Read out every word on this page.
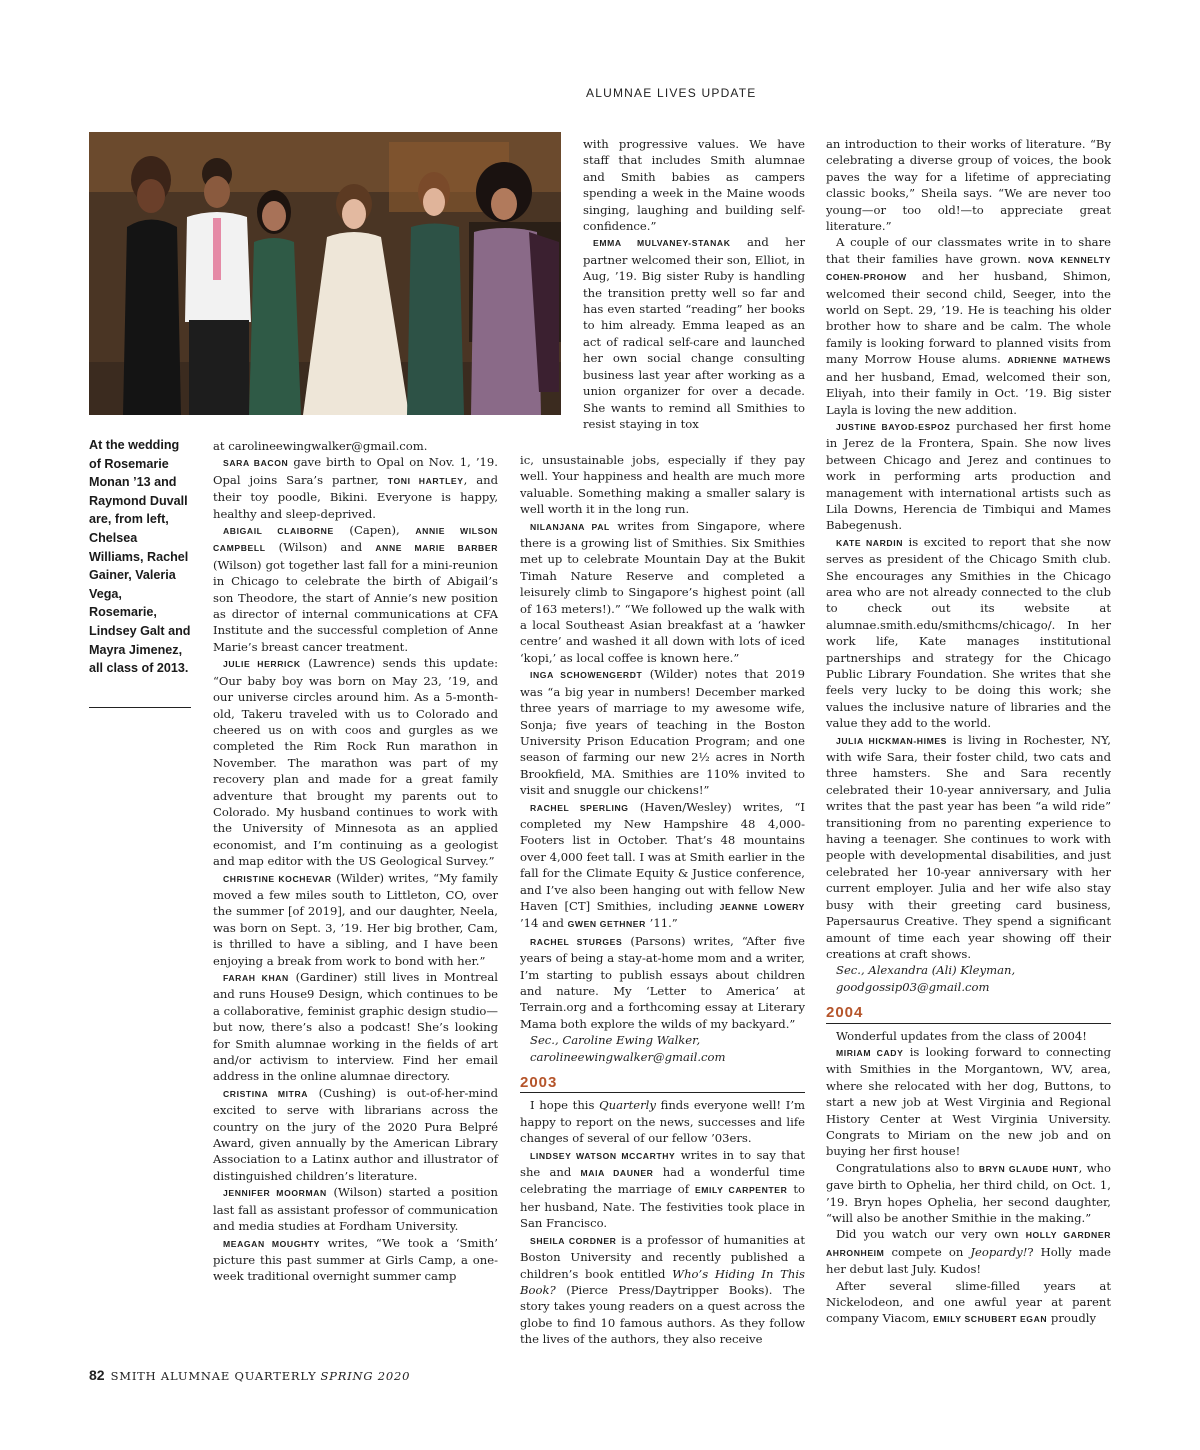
ALUMNAE LIVES UPDATE
At the wedding of Rosemarie Monan ’13 and Raymond Duvall are, from left, Chelsea Williams, Rachel Gainer, Valeria Vega, Rosemarie, Lindsey Galt and Mayra Jimenez, all class of 2013.

at carolineewingwalker@gmail.com.

SARA BACON gave birth to Opal on Nov. 1, ’19. Opal joins Sara’s partner, TONI HARTLEY, and their toy poodle, Bikini. Everyone is happy, healthy and sleep-deprived.

ABIGAIL CLAIBORNE (Capen), ANNIE WILSON CAMPBELL (Wilson) and ANNE MARIE BARBER (Wilson) got together last fall for a mini-reunion in Chicago to celebrate the birth of Abigail’s son Theodore, the start of Annie’s new position as director of internal communications at CFA Institute and the successful completion of Anne Marie’s breast cancer treatment.

JULIE HERRICK (Lawrence) sends this update: “Our baby boy was born on May 23, ’19, and our universe circles around him. As a 5-month-old, Takeru traveled with us to Colorado and cheered us on with coos and gurgles as we completed the Rim Rock Run marathon in November. The marathon was part of my recovery plan and made for a great family adventure that brought my parents out to Colorado. My husband continues to work with the University of Minnesota as an applied economist, and I’m continuing as a geologist and map editor with the US Geological Survey.”

CHRISTINE KOCHEVAR (Wilder) writes, “My family moved a few miles south to Littleton, CO, over the summer [of 2019], and our daughter, Neela, was born on Sept. 3, ’19. Her big brother, Cam, is thrilled to have a sibling, and I have been enjoying a break from work to bond with her.”

FARAH KHAN (Gardiner) still lives in Montreal and runs House9 Design, which continues to be a collaborative, feminist graphic design studio—but now, there’s also a podcast! She’s looking for Smith alumnae working in the fields of art and/or activism to interview. Find her email address in the online alumnae directory.

CRISTINA MITRA (Cushing) is out-of-her-mind excited to serve with librarians across the country on the jury of the 2020 Pura Belpré Award, given annually by the American Library Association to a Latinx author and illustrator of distinguished children’s literature.

JENNIFER MOORMAN (Wilson) started a position last fall as assistant professor of communication and media studies at Fordham University.

MEAGAN MOUGHTY writes, “We took a ‘Smith’ picture this past summer at Girls Camp, a one-week traditional overnight summer camp

with progressive values. We have staff that includes Smith alumnae and Smith babies as campers spending a week in the Maine woods singing, laughing and building self-confidence.”

EMMA MULVANEY-STANAK and her partner welcomed their son, Elliot, in Aug, ’19. Big sister Ruby is handling the transition pretty well so far and has even started “reading” her books to him already. Emma leaped as an act of radical self-care and launched her own social change consulting business last year after working as a union organizer for over a decade. She wants to remind all Smithies to resist staying in tox

ic, unsustainable jobs, especially if they pay well. Your happiness and health are much more valuable. Something making a smaller salary is well worth it in the long run.

NILANJANA PAL writes from Singapore, where there is a growing list of Smithies. Six Smithies met up to celebrate Mountain Day at the Bukit Timah Nature Reserve and completed a leisurely climb to Singapore’s highest point (all of 163 meters!).” “We followed up the walk with a local Southeast Asian breakfast at a ‘hawker centre’ and washed it all down with lots of iced ‘kopi,’ as local coffee is known here.”

INGA SCHOWENGERDT (Wilder) notes that 2019 was “a big year in numbers! December marked three years of marriage to my awesome wife, Sonja; five years of teaching in the Boston University Prison Education Program; and one season of farming our new 2½ acres in North Brookfield, MA. Smithies are 110% invited to visit and snuggle our chickens!”

RACHEL SPERLING (Haven/Wesley) writes, “I completed my New Hampshire 48 4,000-Footers list in October. That’s 48 mountains over 4,000 feet tall. I was at Smith earlier in the fall for the Climate Equity & Justice conference, and I’ve also been hanging out with fellow New Haven [CT] Smithies, including JEANNE LOWERY ’14 and GWEN GETHNER ’11.”

RACHEL STURGES (Parsons) writes, “After five years of being a stay-at-home mom and a writer, I’m starting to publish essays about children and nature. My ‘Letter to America’ at Terrain.org and a forthcoming essay at Literary Mama both explore the wilds of my backyard.”

Sec., Caroline Ewing Walker,

carolineewingwalker@gmail.com

2003

I hope this Quarterly finds everyone well! I’m happy to report on the news, successes and life changes of several of our fellow ’03ers.

LINDSEY WATSON MCCARTHY writes in to say that she and MAIA DAUNER had a wonderful time celebrating the marriage of EMILY CARPENTER to her husband, Nate. The festivities took place in San Francisco.

SHEILA CORDNER is a professor of humanities at Boston University and recently published a children’s book entitled Who’s Hiding In This Book? (Pierce Press/Daytripper Books). The story takes young readers on a quest across the globe to find 10 famous authors. As they follow the lives of the authors, they also receive

an introduction to their works of literature. “By celebrating a diverse group of voices, the book paves the way for a lifetime of appreciating classic books,” Sheila says. “We are never too young—or too old!—to appreciate great literature.”

A couple of our classmates write in to share that their families have grown. NOVA KENNELTY COHEN-PROHOW and her husband, Shimon, welcomed their second child, Seeger, into the world on Sept. 29, ’19. He is teaching his older brother how to share and be calm. The whole family is looking forward to planned visits from many Morrow House alums. ADRIENNE MATHEWS and her husband, Emad, welcomed their son, Eliyah, into their family in Oct. ’19. Big sister Layla is loving the new addition.

JUSTINE BAYOD-ESPOZ purchased her first home in Jerez de la Frontera, Spain. She now lives between Chicago and Jerez and continues to work in performing arts production and management with international artists such as Lila Downs, Herencia de Timbiqui and Mames Babegenush.

KATE NARDIN is excited to report that she now serves as president of the Chicago Smith club. She encourages any Smithies in the Chicago area who are not already connected to the club to check out its website at alumnae.smith.edu/smithcms/chicago/. In her work life, Kate manages institutional partnerships and strategy for the Chicago Public Library Foundation. She writes that she feels very lucky to be doing this work; she values the inclusive nature of libraries and the value they add to the world.

JULIA HICKMAN-HIMES is living in Rochester, NY, with wife Sara, their foster child, two cats and three hamsters. She and Sara recently celebrated their 10-year anniversary, and Julia writes that the past year has been “a wild ride” transitioning from no parenting experience to having a teenager. She continues to work with people with developmental disabilities, and just celebrated her 10-year anniversary with her current employer. Julia and her wife also stay busy with their greeting card business, Papersaurus Creative. They spend a significant amount of time each year showing off their creations at craft shows.

Sec., Alexandra (Ali) Kleyman,

goodgossip03@gmail.com

2004

Wonderful updates from the class of 2004!

MIRIAM CADY is looking forward to connecting with Smithies in the Morgantown, WV, area, where she relocated with her dog, Buttons, to start a new job at West Virginia and Regional History Center at West Virginia University. Congrats to Miriam on the new job and on buying her first house!

Congratulations also to BRYN GLAUDE HUNT, who gave birth to Ophelia, her third child, on Oct. 1, ’19. Bryn hopes Ophelia, her second daughter, “will also be another Smithie in the making.”

Did you watch our very own HOLLY GARDNER AHRONHEIM compete on Jeopardy!? Holly made her debut last July. Kudos!

After several slime-filled years at Nickelodeon, and one awful year at parent company Viacom, EMILY SCHUBERT EGAN proudly

82 SMITH ALUMNAE QUARTERLY SPRING 2020
